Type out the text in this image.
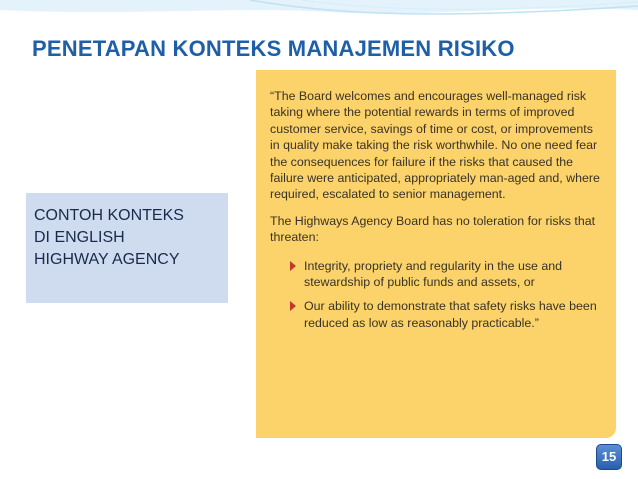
PENETAPAN KONTEKS MANAJEMEN RISIKO
CONTOH KONTEKS
DI ENGLISH
HIGHWAY AGENCY

“The Board welcomes and encourages well-managed risk taking where the potential rewards in terms of improved customer service, savings of time or cost, or improvements in quality make taking the risk worthwhile. No one need fear the consequences for failure if the risks that caused the failure were anticipated, appropriately man-aged and, where required, escalated to senior management.

The Highways Agency Board has no toleration for risks that threaten:

Integrity, propriety and regularity in the use and stewardship of public funds and assets, or
Our ability to demonstrate that safety risks have been reduced as low as reasonably practicable.”
15
